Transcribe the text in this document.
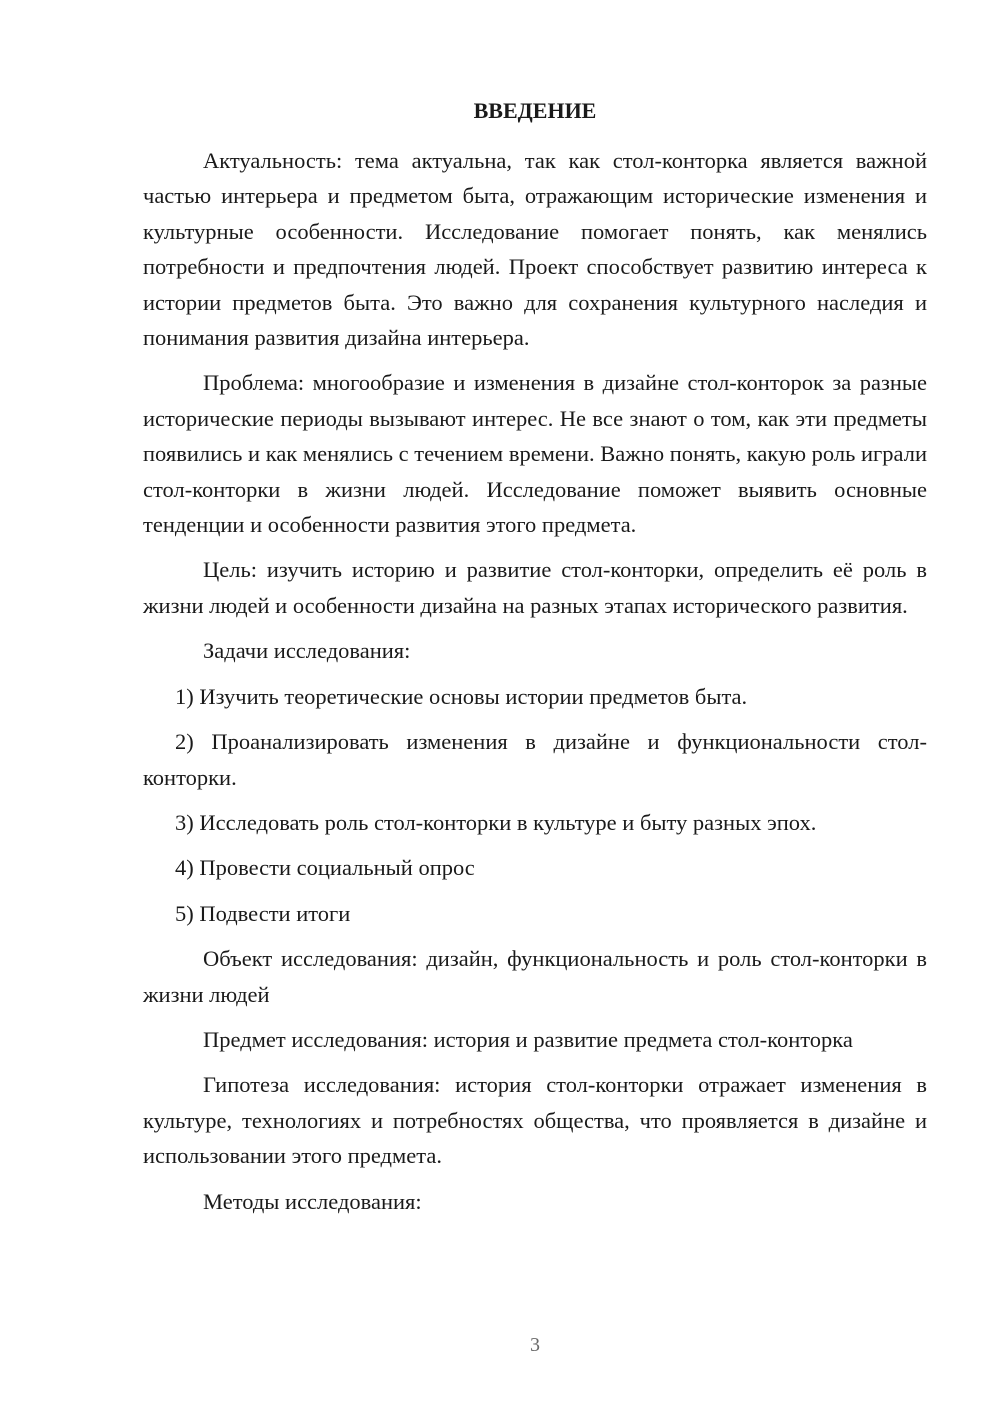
ВВЕДЕНИЕ

Актуальность: тема актуальна, так как стол-конторка является важной частью интерьера и предметом быта, отражающим исторические изменения и культурные особенности. Исследование помогает понять, как менялись потребности и предпочтения людей. Проект способствует развитию интереса к истории предметов быта. Это важно для сохранения культурного наследия и понимания развития дизайна интерьера.

Проблема: многообразие и изменения в дизайне стол-конторок за разные исторические периоды вызывают интерес. Не все знают о том, как эти предметы появились и как менялись с течением времени. Важно понять, какую роль играли стол-конторки в жизни людей. Исследование поможет выявить основные тенденции и особенности развития этого предмета.

Цель: изучить историю и развитие стол-конторки, определить её роль в жизни людей и особенности дизайна на разных этапах исторического развития.

Задачи исследования:

1) Изучить теоретические основы истории предметов быта.

2) Проанализировать изменения в дизайне и функциональности стол-конторки.

3) Исследовать роль стол-конторки в культуре и быту разных эпох.

4) Провести социальный опрос

5) Подвести итоги

Объект исследования: дизайн, функциональность и роль стол-конторки в жизни людей

Предмет исследования: история и развитие предмета стол-конторка

Гипотеза исследования: история стол-конторки отражает изменения в культуре, технологиях и потребностях общества, что проявляется в дизайне и использовании этого предмета.

Методы исследования:

3
